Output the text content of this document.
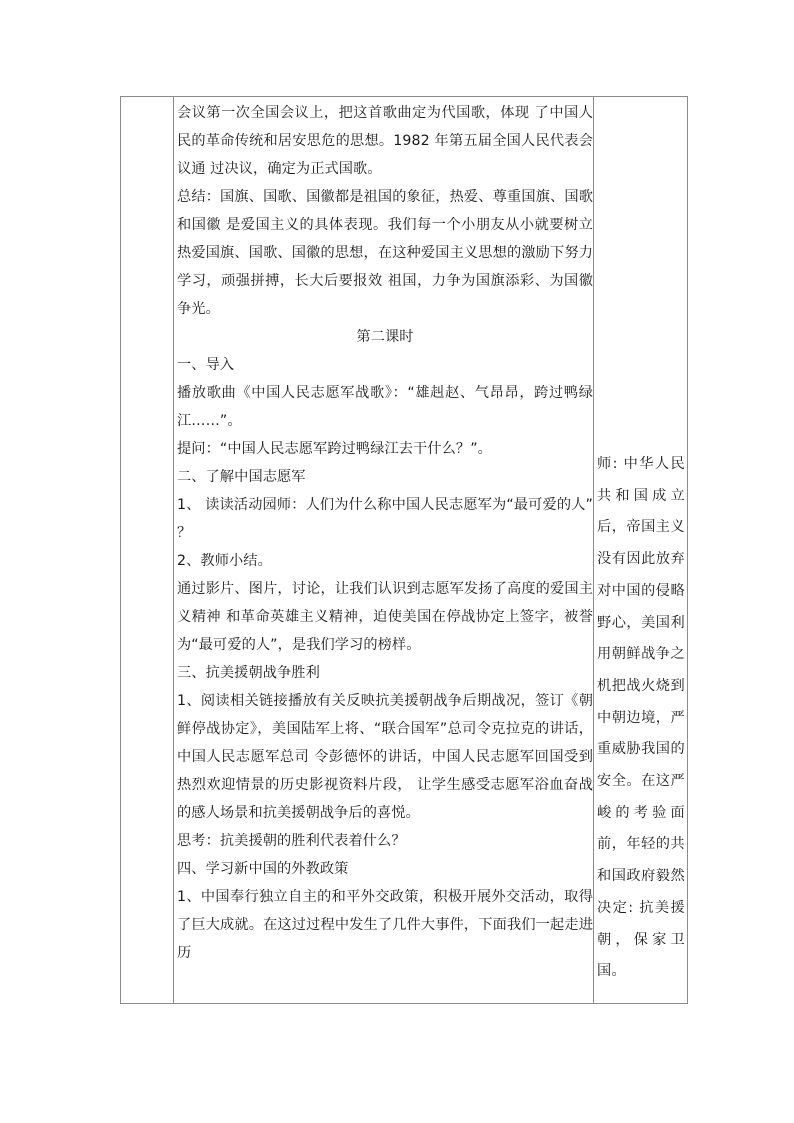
会议第一次全国会议上，把这首歌曲定为代国歌，体现 了中国人民的革命传统和居安思危的思想。1982 年第五届全国人民代表会议通 过决议，确定为正式国歌。

总结：国旗、国歌、国徽都是祖国的象征，热爱、尊重国旗、国歌和国徽 是爱国主义的具体表现。我们每一个小朋友从小就要树立热爱国旗、国歌、国徽的思想，在这种爱国主义思想的激励下努力学习，顽强拼搏，长大后要报效 祖国，力争为国旗添彩、为国徽争光。

第二课时

一、导入

播放歌曲《中国人民志愿军战歌》：“雄赳赵、气昂昂，跨过鸭绿江……”。

提问：“中国人民志愿军跨过鸭绿江去干什么？”。

二、了解中国志愿军

1、 读读活动园师：人们为什么称中国人民志愿军为“最可爱的人” ？

2、教师小结。

通过影片、图片，讨论，让我们认识到志愿军发扬了高度的爱国主义精神 和革命英雄主义精神，迫使美国在停战协定上签字，被誉为“最可爱的人”，是我们学习的榜样。

三、抗美援朝战争胜利

1、阅读相关链接播放有关反映抗美援朝战争后期战况，签订《朝鲜停战协定》，美国陆军上将、“联合国军”总司令克拉克的讲话，中国人民志愿军总司 令彭德怀的讲话，中国人民志愿军回国受到热烈欢迎情景的历史影视资料片段， 让学生感受志愿军浴血奋战的感人场景和抗美援朝战争后的喜悦。

思考：抗美援朝的胜利代表着什么？

四、学习新中国的外教政策

1、中国奉行独立自主的和平外交政策，积极开展外交活动，取得了巨大成就。在这过过程中发生了几件大事件，下面我们一起走进历

师: 中华人民共和国成立后，帝国主义没有因此放弃对中国的侵略野心，美国利用朝鲜战争之机把战火烧到中朝边境，严重威胁我国的安全。在这严峻的考验面前，年轻的共和国政府毅然决定: 抗美援朝，保家卫国。
